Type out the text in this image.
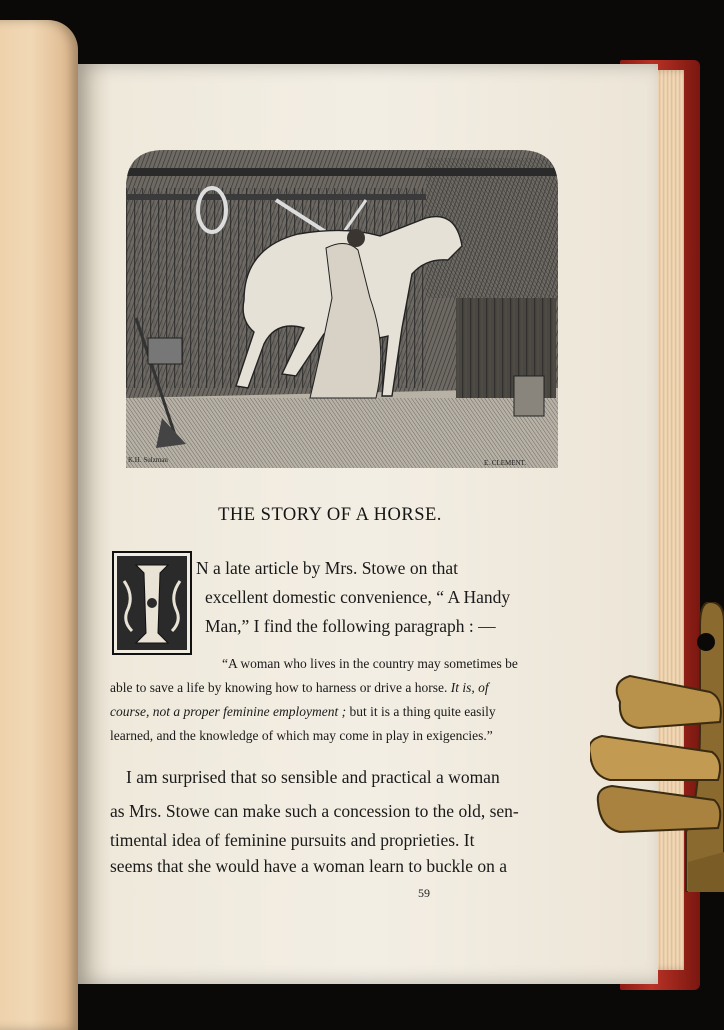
K.H. Sulzman	E. CLEMENT.
THE STORY OF A HORSE.
I
N a late article by Mrs. Stowe on that
excellent domestic convenience, “ A Handy
Man,” I find the following paragraph : —
“A woman who lives in the country may sometimes be
able to save a life by knowing how to harness or drive a horse. It is, of
course, not a proper feminine employment ; but it is a thing quite easily
learned, and the knowledge of which may come in play in exigencies.”
I am surprised that so sensible and practical a woman
as Mrs. Stowe can make such a concession to the old, sen-
timental idea of feminine pursuits and proprieties. It
seems that she would have a woman learn to buckle on a
59
